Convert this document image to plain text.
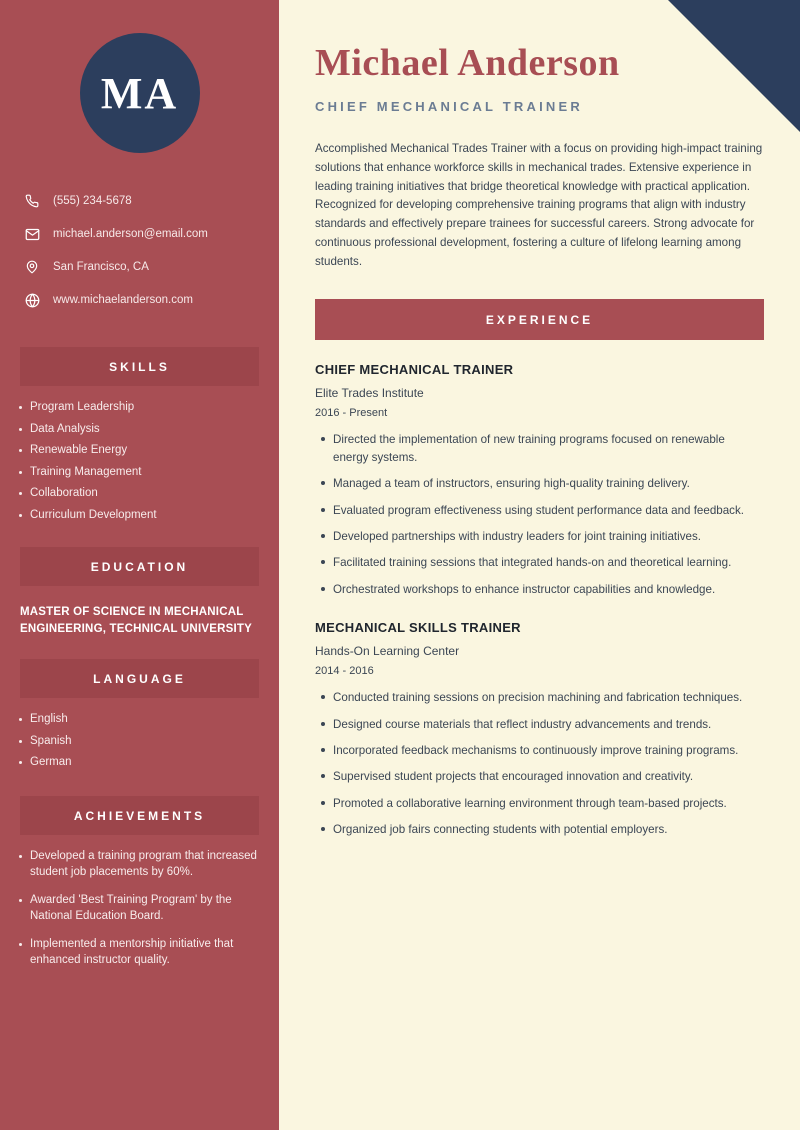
MA
(555) 234-5678
michael.anderson@email.com
San Francisco, CA
www.michaelanderson.com
SKILLS
Program Leadership
Data Analysis
Renewable Energy
Training Management
Collaboration
Curriculum Development
EDUCATION
MASTER OF SCIENCE IN MECHANICAL ENGINEERING, TECHNICAL UNIVERSITY
LANGUAGE
English
Spanish
German
ACHIEVEMENTS
Developed a training program that increased student job placements by 60%.
Awarded 'Best Training Program' by the National Education Board.
Implemented a mentorship initiative that enhanced instructor quality.
Michael Anderson
CHIEF MECHANICAL TRAINER

Accomplished Mechanical Trades Trainer with a focus on providing high-impact training solutions that enhance workforce skills in mechanical trades. Extensive experience in leading training initiatives that bridge theoretical knowledge with practical application. Recognized for developing comprehensive training programs that align with industry standards and effectively prepare trainees for successful careers. Strong advocate for continuous professional development, fostering a culture of lifelong learning among students.

EXPERIENCE
CHIEF MECHANICAL TRAINER
Elite Trades Institute
2016 - Present
Directed the implementation of new training programs focused on renewable energy systems.
Managed a team of instructors, ensuring high-quality training delivery.
Evaluated program effectiveness using student performance data and feedback.
Developed partnerships with industry leaders for joint training initiatives.
Facilitated training sessions that integrated hands-on and theoretical learning.
Orchestrated workshops to enhance instructor capabilities and knowledge.
MECHANICAL SKILLS TRAINER
Hands-On Learning Center
2014 - 2016
Conducted training sessions on precision machining and fabrication techniques.
Designed course materials that reflect industry advancements and trends.
Incorporated feedback mechanisms to continuously improve training programs.
Supervised student projects that encouraged innovation and creativity.
Promoted a collaborative learning environment through team-based projects.
Organized job fairs connecting students with potential employers.
